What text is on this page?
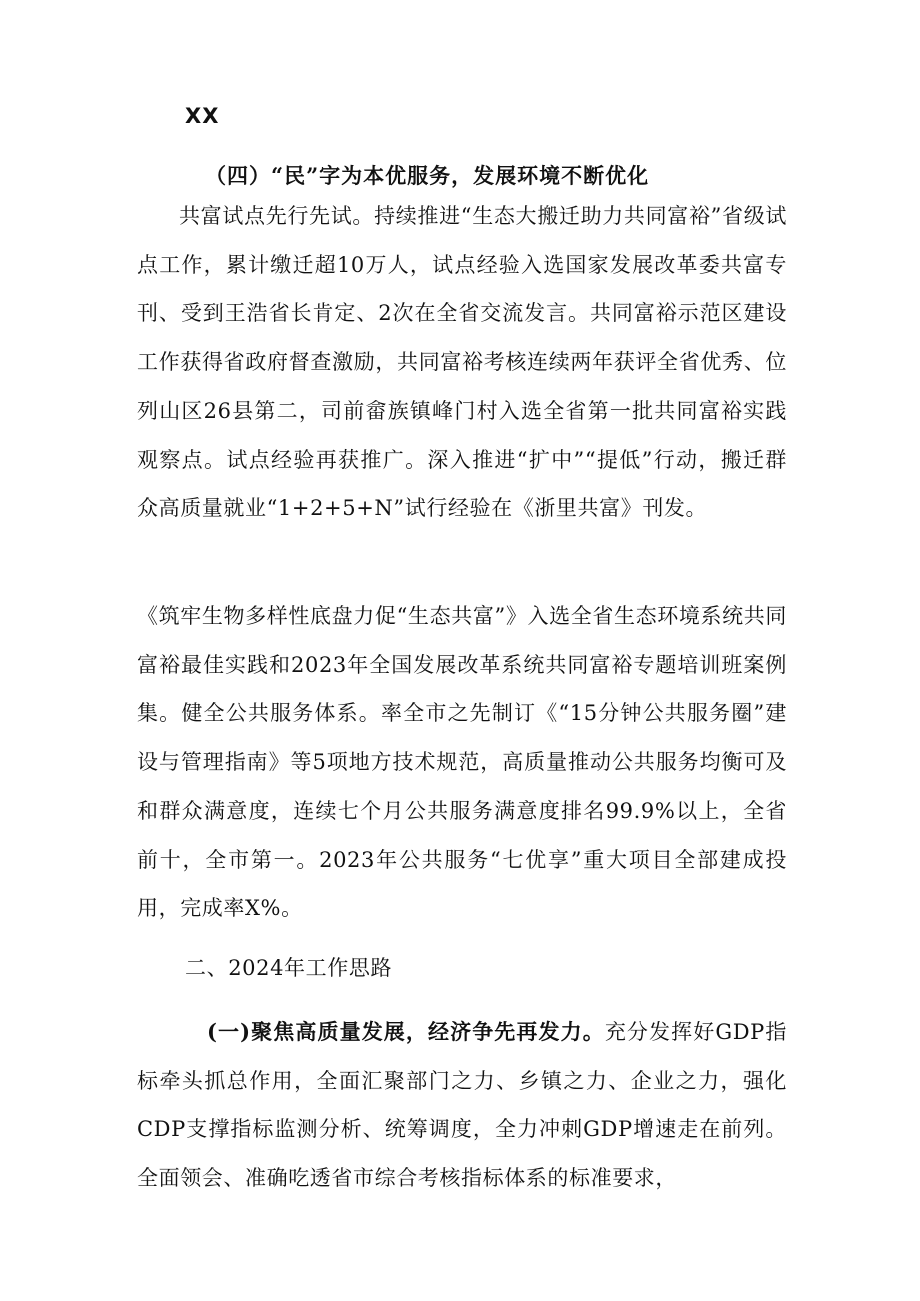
XX
（四）“民”字为本优服务，发展环境不断优化
共富试点先行先试。持续推进“生态大搬迁助力共同富裕”省级试点工作，累计缴迁超10万人，试点经验入选国家发展改革委共富专刊、受到王浩省长肯定、2次在全省交流发言。共同富裕示范区建设工作获得省政府督查激励，共同富裕考核连续两年获评全省优秀、位列山区26县第二，司前畲族镇峰门村入选全省第一批共同富裕实践观察点。试点经验再获推广。深入推进“扩中”“提低”行动，搬迁群众高质量就业“1+2+5+N”试行经验在《浙里共富》刊发。
《筑牢生物多样性底盘力促“生态共富”》入选全省生态环境系统共同富裕最佳实践和2023年全国发展改革系统共同富裕专题培训班案例集。健全公共服务体系。率全市之先制订《“15分钟公共服务圈”建设与管理指南》等5项地方技术规范，高质量推动公共服务均衡可及和群众满意度，连续七个月公共服务满意度排名99.9%以上，全省前十，全市第一。2023年公共服务“七优享”重大项目全部建成投用，完成率X%。
二、2024年工作思路
(一)聚焦高质量发展，经济争先再发力。充分发挥好GDP指标牵头抓总作用，全面汇聚部门之力、乡镇之力、企业之力，强化CDP支撑指标监测分析、统筹调度，全力冲刺GDP增速走在前列。全面领会、准确吃透省市综合考核指标体系的标准要求，
